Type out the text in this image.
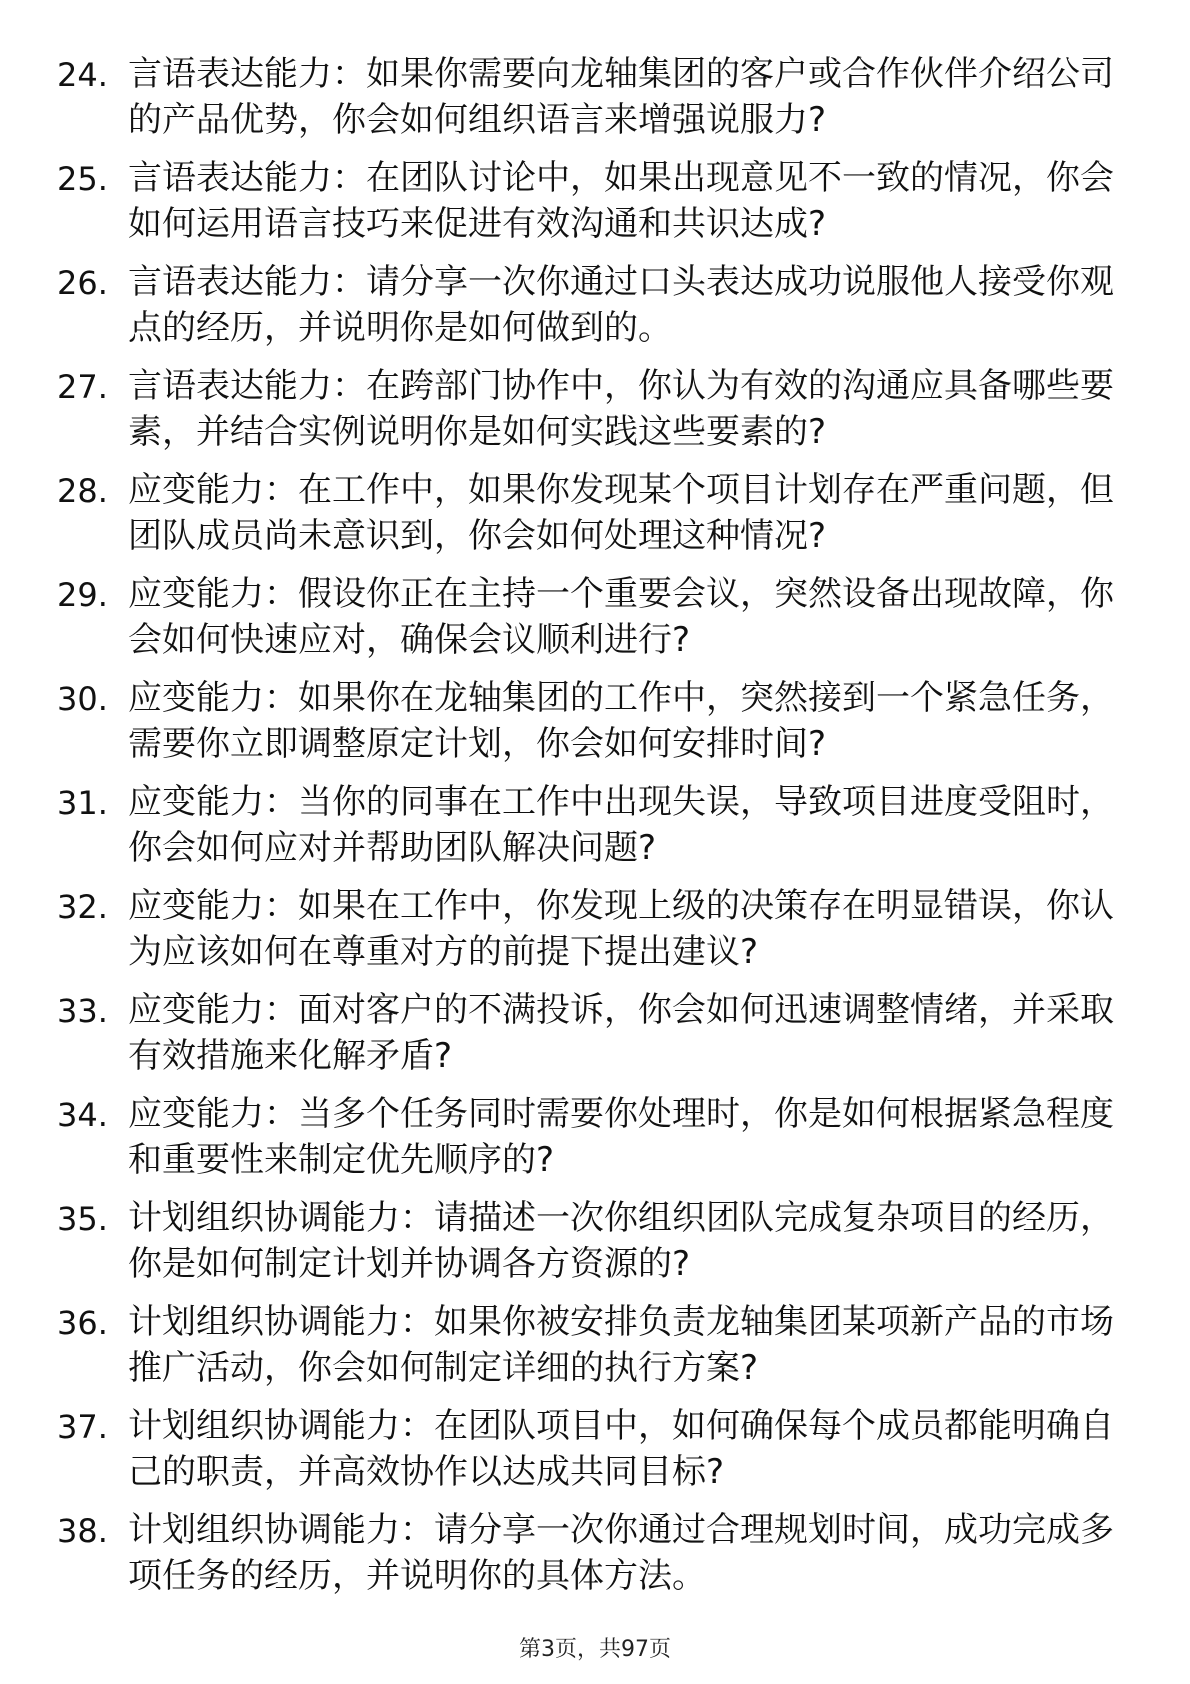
24. 言语表达能力：如果你需要向龙轴集团的客户或合作伙伴介绍公司的产品优势，你会如何组织语言来增强说服力?
25. 言语表达能力：在团队讨论中，如果出现意见不一致的情况，你会如何运用语言技巧来促进有效沟通和共识达成?
26. 言语表达能力：请分享一次你通过口头表达成功说服他人接受你观点的经历，并说明你是如何做到的。
27. 言语表达能力：在跨部门协作中，你认为有效的沟通应具备哪些要素，并结合实例说明你是如何实践这些要素的?
28. 应变能力：在工作中，如果你发现某个项目计划存在严重问题，但团队成员尚未意识到，你会如何处理这种情况?
29. 应变能力：假设你正在主持一个重要会议，突然设备出现故障，你会如何快速应对，确保会议顺利进行?
30. 应变能力：如果你在龙轴集团的工作中，突然接到一个紧急任务，需要你立即调整原定计划，你会如何安排时间?
31. 应变能力：当你的同事在工作中出现失误，导致项目进度受阻时，你会如何应对并帮助团队解决问题?
32. 应变能力：如果在工作中，你发现上级的决策存在明显错误，你认为应该如何在尊重对方的前提下提出建议?
33. 应变能力：面对客户的不满投诉，你会如何迅速调整情绪，并采取有效措施来化解矛盾?
34. 应变能力：当多个任务同时需要你处理时，你是如何根据紧急程度和重要性来制定优先顺序的?
35. 计划组织协调能力：请描述一次你组织团队完成复杂项目的经历，你是如何制定计划并协调各方资源的?
36. 计划组织协调能力：如果你被安排负责龙轴集团某项新产品的市场推广活动，你会如何制定详细的执行方案?
37. 计划组织协调能力：在团队项目中，如何确保每个成员都能明确自己的职责，并高效协作以达成共同目标?
38. 计划组织协调能力：请分享一次你通过合理规划时间，成功完成多项任务的经历，并说明你的具体方法。
第3页，共97页
